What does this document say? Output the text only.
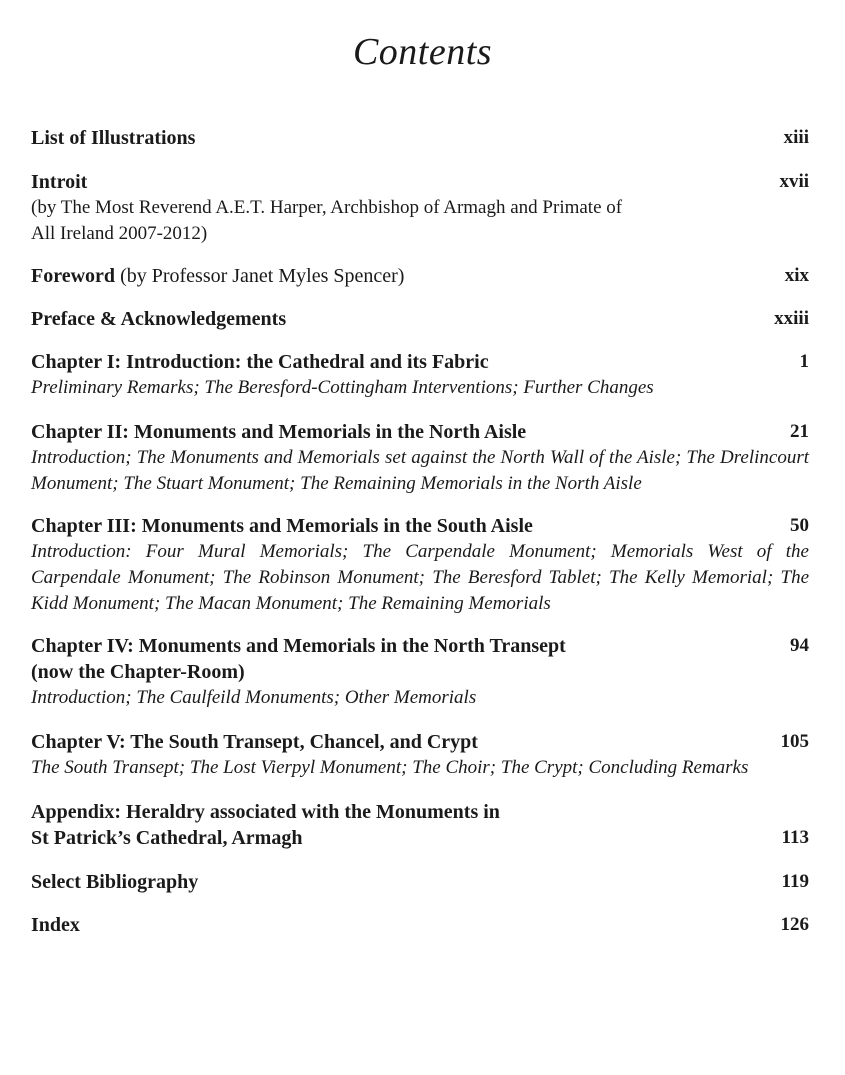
Contents
List of Illustrations	xiii
Introit	xvii
(by The Most Reverend A.E.T. Harper, Archbishop of Armagh and Primate of All Ireland 2007-2012)
Foreword (by Professor Janet Myles Spencer)	xix
Preface & Acknowledgements	xxiii
Chapter I: Introduction: the Cathedral and its Fabric	1
Preliminary Remarks; The Beresford-Cottingham Interventions; Further Changes
Chapter II: Monuments and Memorials in the North Aisle	21
Introduction; The Monuments and Memorials set against the North Wall of the Aisle; The Drelincourt Monument; The Stuart Monument; The Remaining Memorials in the North Aisle
Chapter III: Monuments and Memorials in the South Aisle	50
Introduction: Four Mural Memorials; The Carpendale Monument; Memorials West of the Carpendale Monument; The Robinson Monument; The Beresford Tablet; The Kelly Memorial; The Kidd Monument; The Macan Monument; The Remaining Memorials
Chapter IV: Monuments and Memorials in the North Transept	94
(now the Chapter-Room)
Introduction; The Caulfeild Monuments; Other Memorials
Chapter V: The South Transept, Chancel, and Crypt	105
The South Transept; The Lost Vierpyl Monument; The Choir; The Crypt; Concluding Remarks
Appendix: Heraldry associated with the Monuments in
St Patrick’s Cathedral, Armagh	113
Select Bibliography	119
Index	126
